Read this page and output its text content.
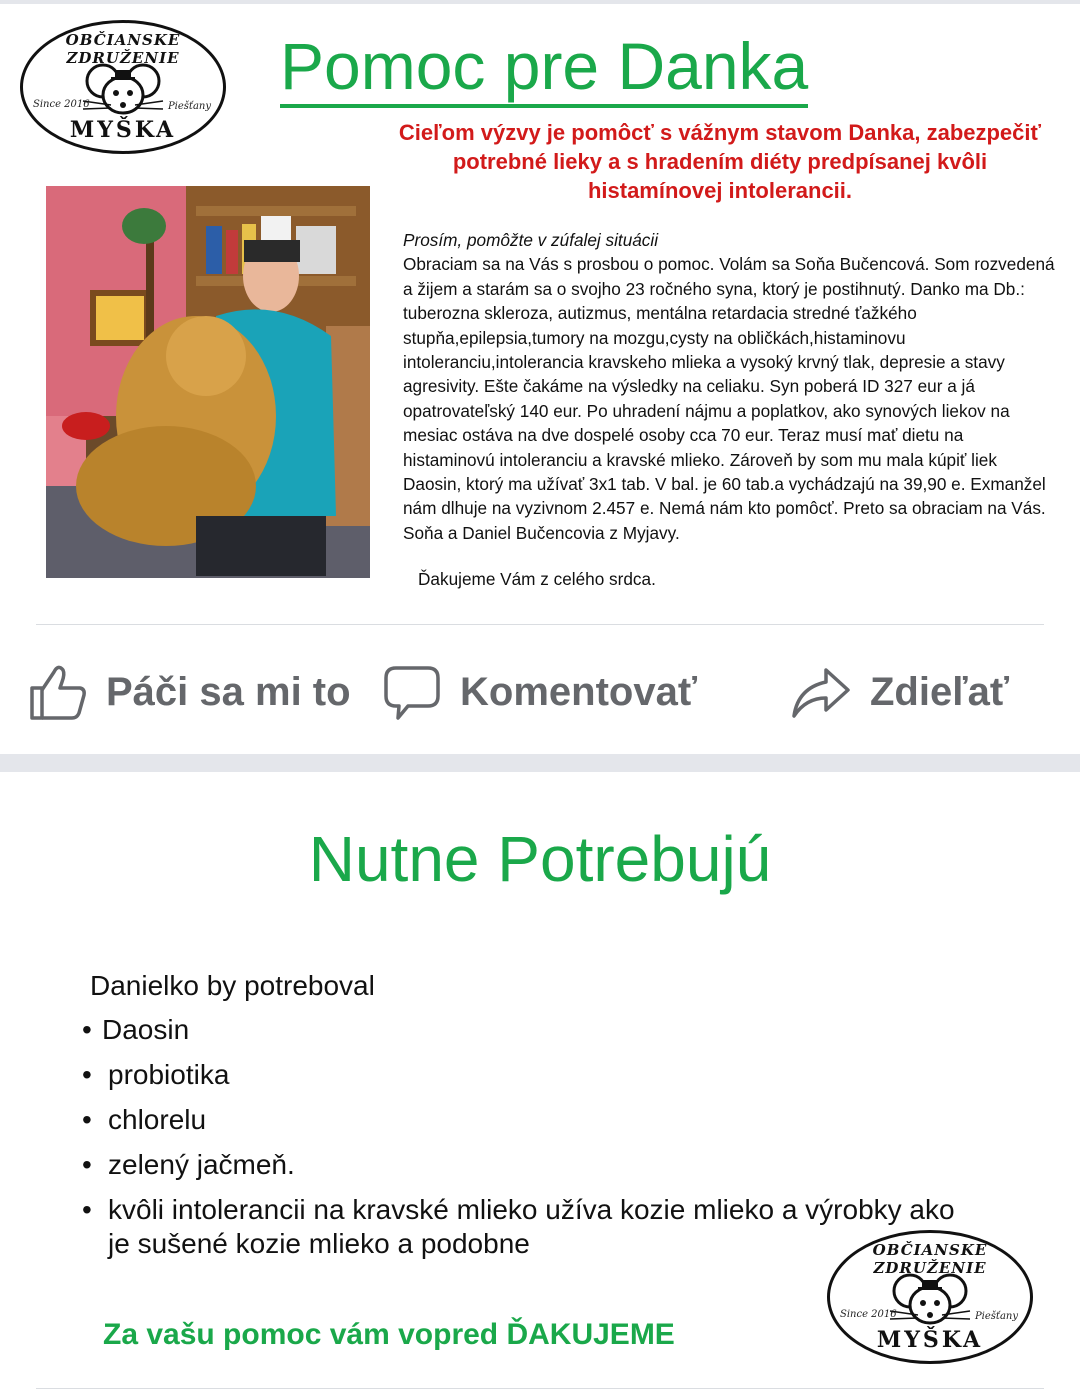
OBČIANSKE ZDRUŽENIE
Since 2016	Piešťany
MYŠKA
Pomoc pre Danka
Cieľom výzvy je pomôcť s vážnym stavom Danka, zabezpečiť potrebné lieky a s hradením diéty predpísanej kvôli histamínovej intolerancii.

Prosím, pomôžte v zúfalej situácii

Obraciam sa na Vás s prosbou o pomoc. Volám sa Soňa Bučencová. Som rozvedená a žijem a starám sa o svojho 23 ročného syna, ktorý je postihnutý. Danko ma Db.: tuberozna skleroza, autizmus, mentálna retardacia stredné ťažkého stupňa,epilepsia,tumory na mozgu,cysty na obličkách,histaminovu intoleranciu,intolerancia kravskeho mlieka a vysoký krvný tlak, depresie a stavy agresivity. Ešte čakáme na výsledky na celiaku. Syn poberá ID 327 eur a já opatrovateľský 140 eur. Po uhradení nájmu a poplatkov, ako synových liekov na mesiac ostáva na dve dospelé osoby cca 70 eur. Teraz musí mať dietu na histaminovú intoleranciu a kravské mlieko. Zároveň by som mu mala kúpiť liek Daosin, ktorý ma užívať 3x1 tab. V bal. je 60 tab.a vychádzajú na 39,90 e. Exmanžel nám dlhuje na vyzivnom 2.457 e. Nemá nám kto pomôcť. Preto sa obraciam na Vás. Soňa a Daniel Bučencovia z Myjavy.

Ďakujeme Vám z celého srdca.
Páči sa mi to	Komentovať	Zdieľať
Nutne Potrebujú
Danielko by potreboval
• Daosin
• probiotika
• chlorelu
• zelený jačmeň.
• kvôli intolerancii na kravské mlieko užíva kozie mlieko a výrobky ako je sušené kozie mlieko a podobne
Za vašu pomoc vám vopred ĎAKUJEME
OBČIANSKE ZDRUŽENIE
Since 2016	Piešťany
MYŠKA
